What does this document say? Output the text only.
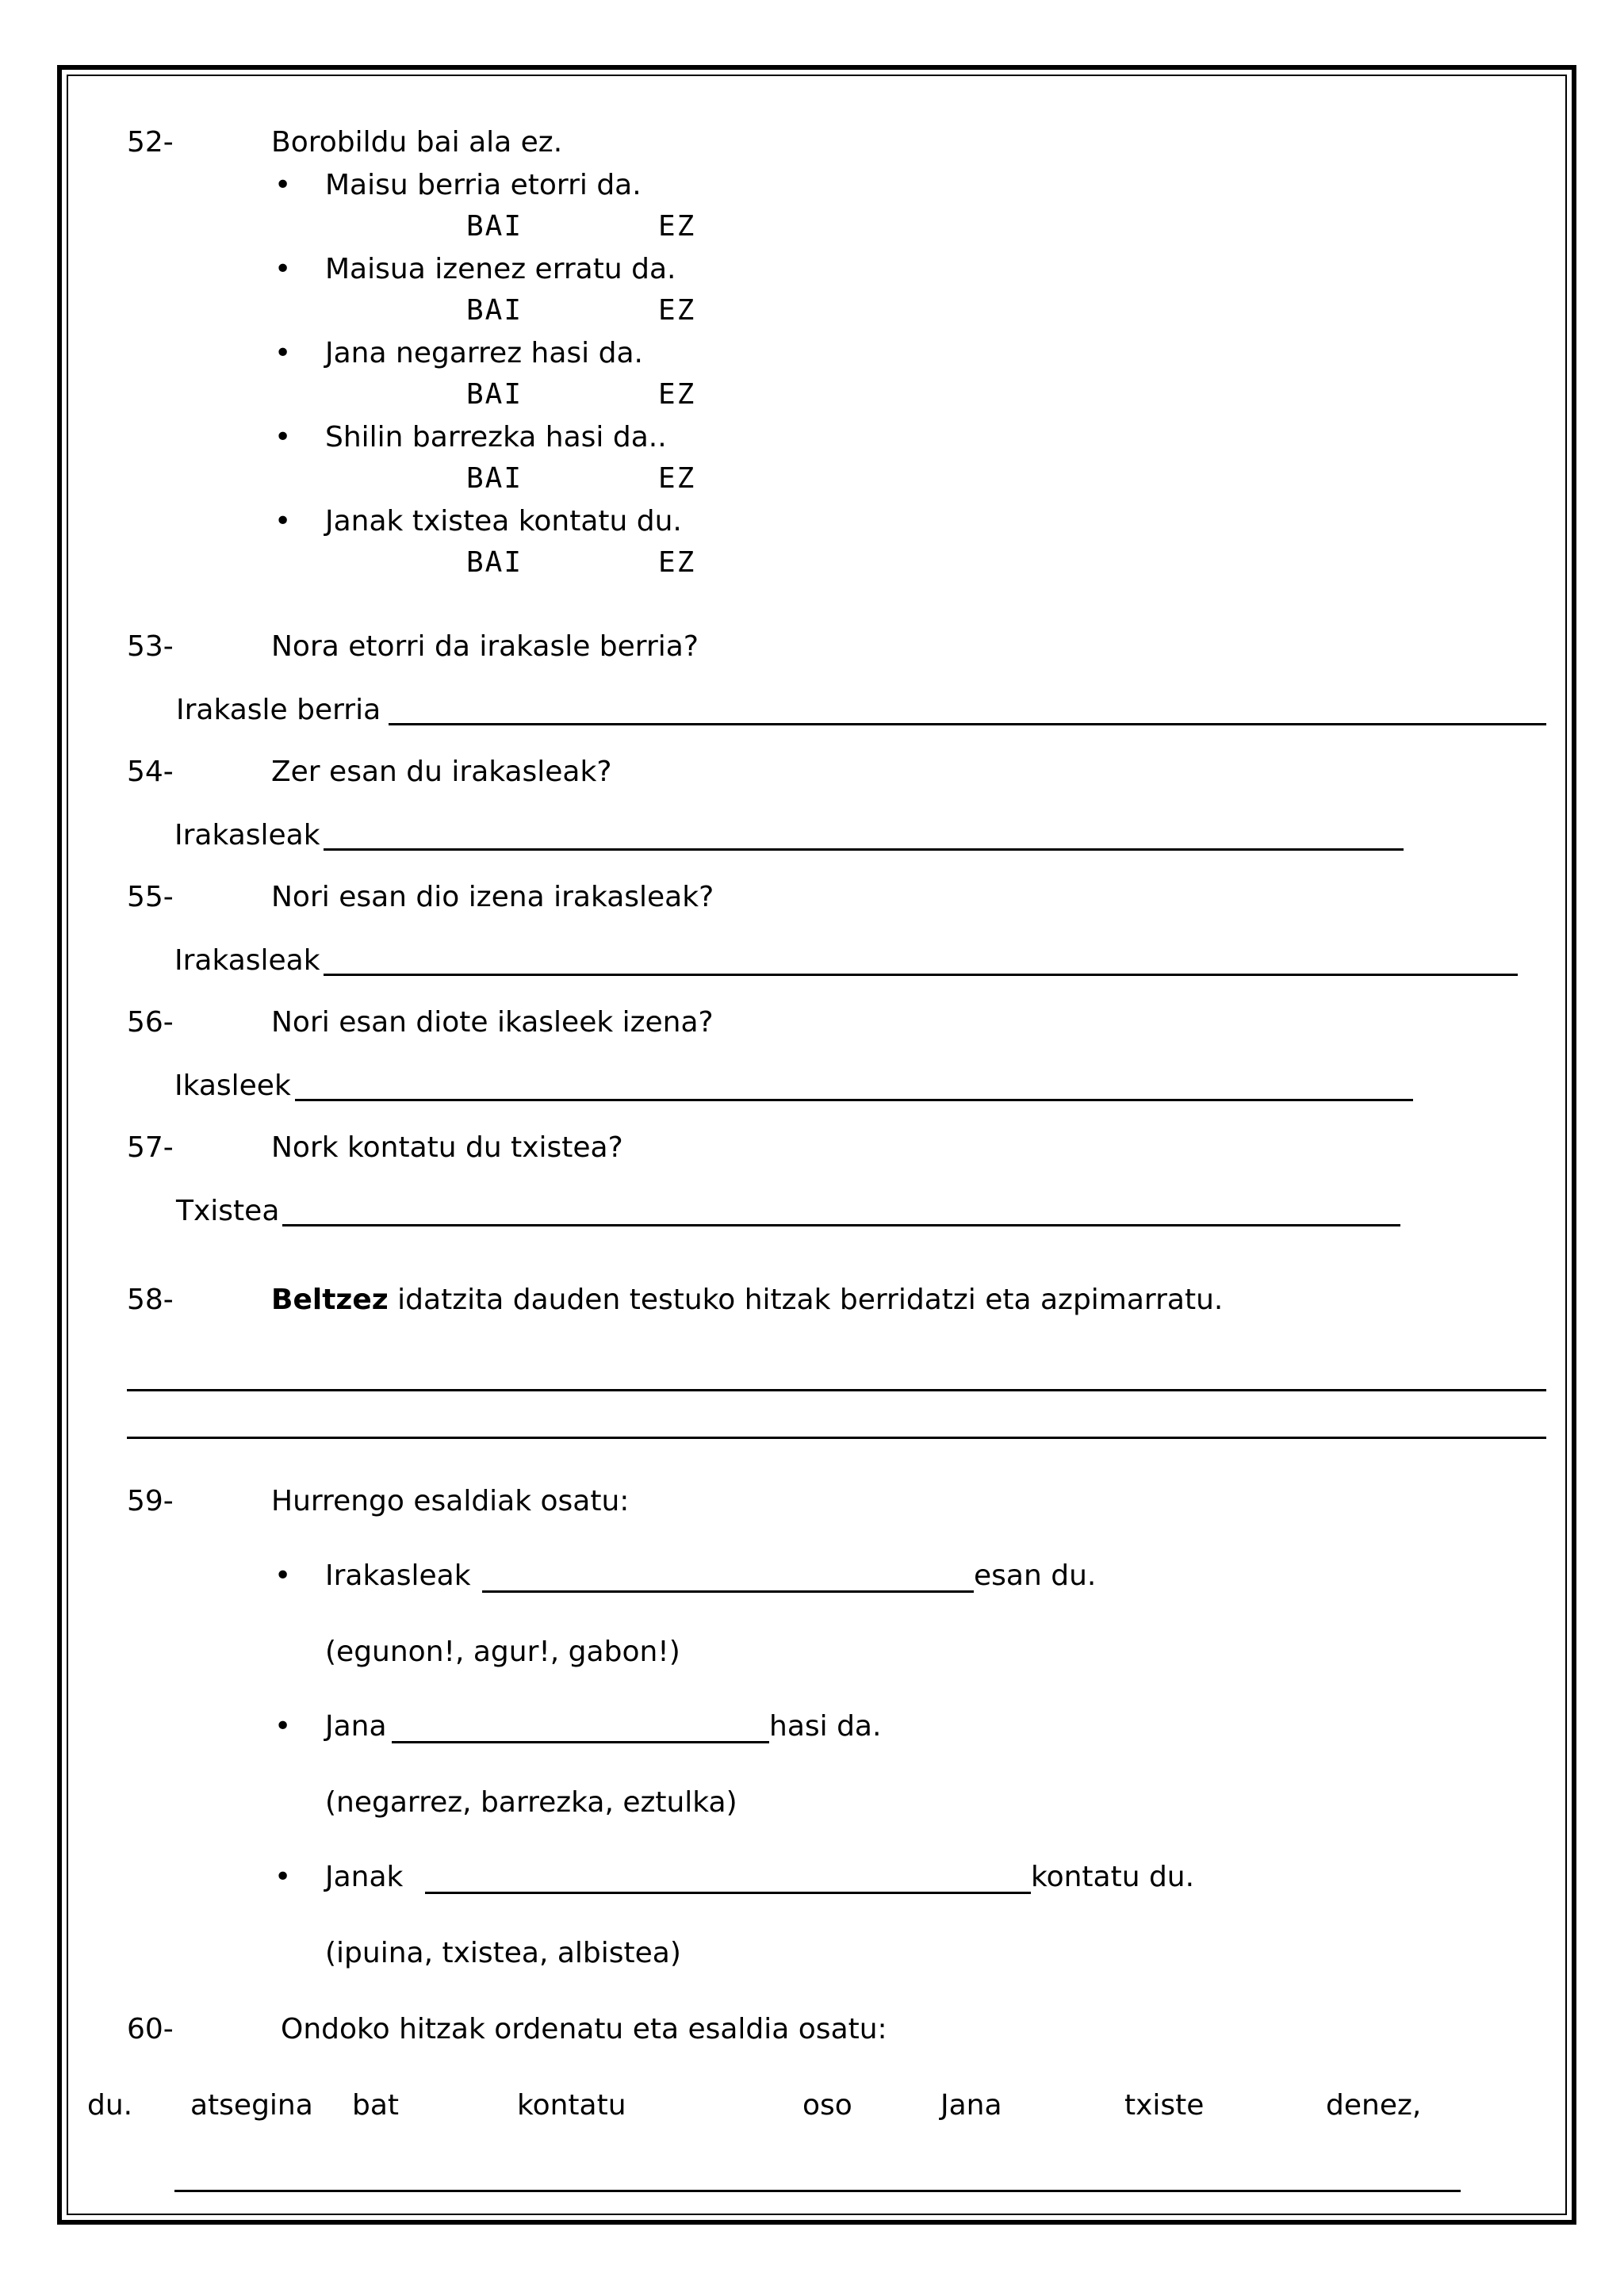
52-	Borobildu bai ala ez.
• Maisu berria etorri da.
BAI	EZ
• Maisua izenez erratu da.
BAI	EZ
• Jana negarrez hasi da.
BAI	EZ
• Shilin barrezka hasi da..
BAI	EZ
• Janak txistea kontatu du.
BAI	EZ
53-	Nora etorri da irakasle berria?
Irakasle berria
54-	Zer esan du irakasleak?
Irakasleak
55-	Nori esan dio izena irakasleak?
Irakasleak
56-	Nori esan diote ikasleek izena?
Ikasleek
57-	Nork kontatu du txistea?
Txistea
58-	Beltzez idatzita dauden testuko hitzak berridatzi eta azpimarratu.
59-	Hurrengo esaldiak osatu:
• Irakasleak	esan du.
(egunon!, agur!, gabon!)
• Jana	hasi da.
(negarrez, barrezka, eztulka)
• Janak	kontatu du.
(ipuina, txistea, albistea)
60-	Ondoko hitzak ordenatu eta esaldia osatu:
du. atsegina bat	kontatu	oso	Jana	txiste	denez,
